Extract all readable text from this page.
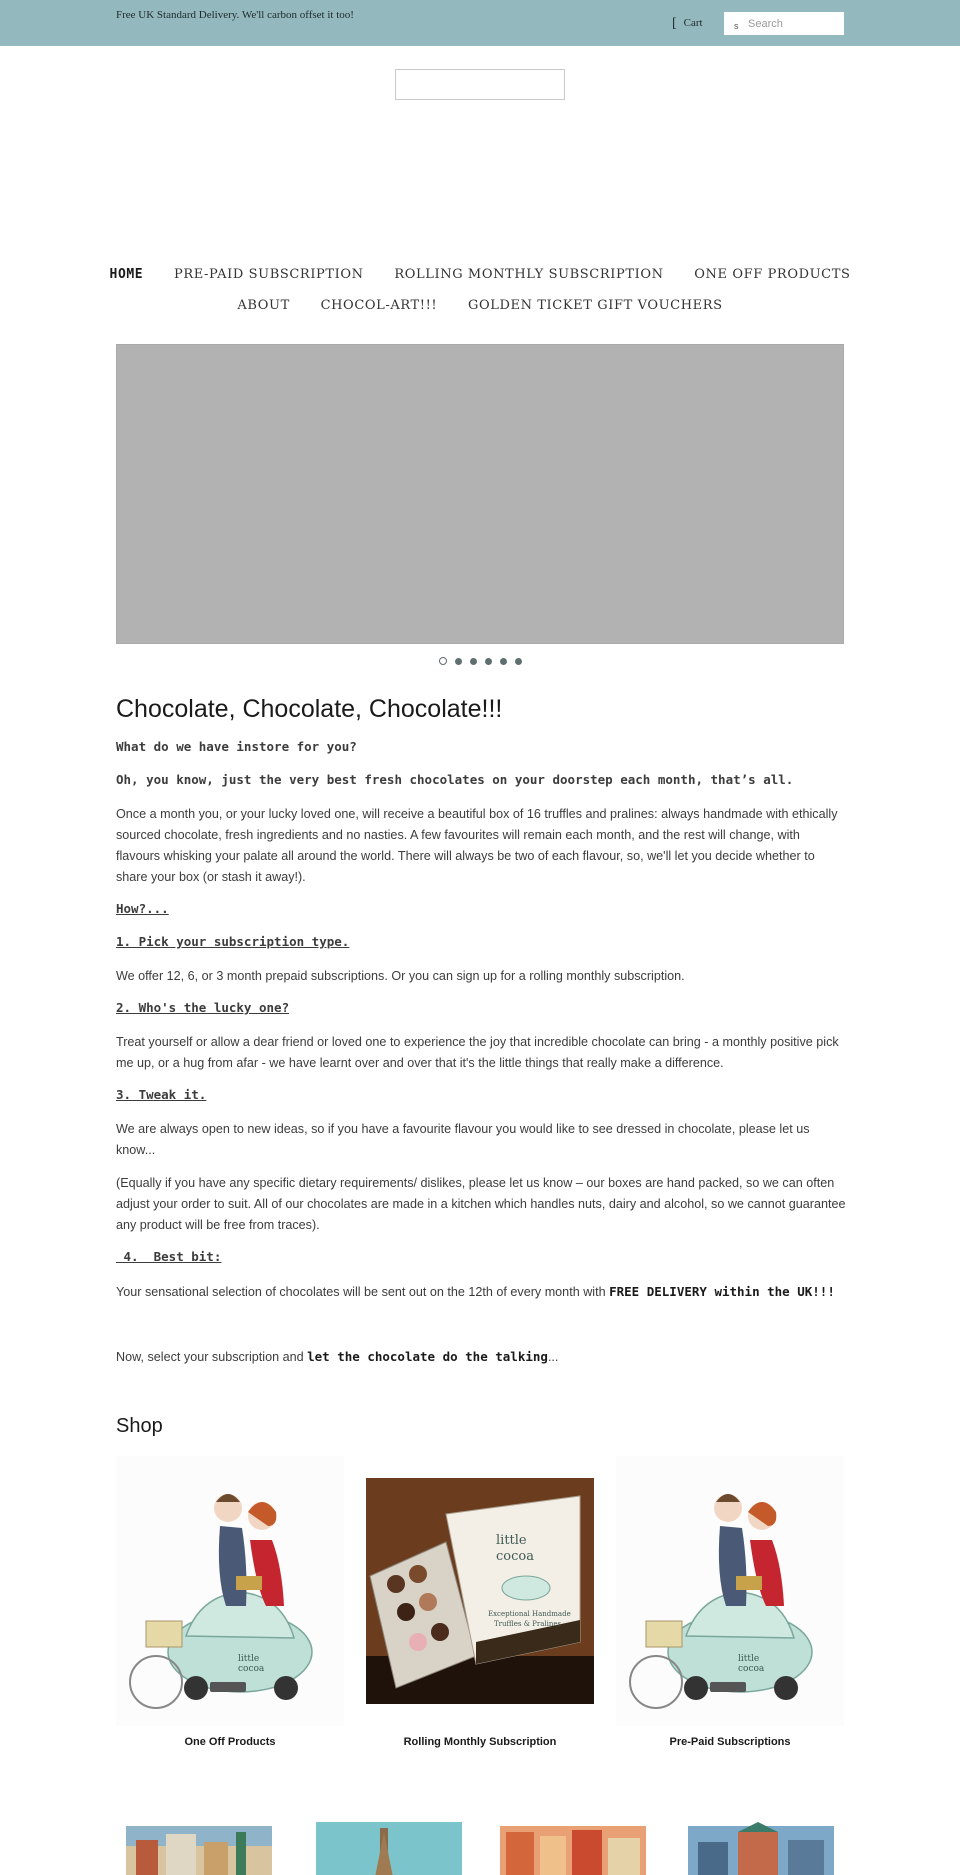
Free UK Standard Delivery. We'll carbon offset it too!
[ Cart	s
Search
HOME PRE-PAID SUBSCRIPTION ROLLING MONTHLY SUBSCRIPTION ONE OFF PRODUCTS
ABOUT CHOCOL-ART!!! GOLDEN TICKET GIFT VOUCHERS

Chocolate, Chocolate, Chocolate!!!

What do we have instore for you?

Oh, you know, just the very best fresh chocolates on your doorstep each month, that’s all.

Once a month you, or your lucky loved one, will receive a beautiful box of 16 truffles and pralines: always handmade with ethically sourced chocolate, fresh ingredients and no nasties. A few favourites will remain each month, and the rest will change, with flavours whisking your palate all around the world. There will always be two of each flavour, so, we'll let you decide whether to share your box (or stash it away!).

How?...

1. Pick your subscription type.

We offer 12, 6, or 3 month prepaid subscriptions. Or you can sign up for a rolling monthly subscription.

2. Who's the lucky one?

Treat yourself or allow a dear friend or loved one to experience the joy that incredible chocolate can bring - a monthly positive pick me up, or a hug from afar - we have learnt over and over that it's the little things that really make a difference.

3. Tweak it.

We are always open to new ideas, so if you have a favourite flavour you would like to see dressed in chocolate, please let us know...

(Equally if you have any specific dietary requirements/ dislikes, please let us know – our boxes are hand packed, so we can often adjust your order to suit. All of our chocolates are made in a kitchen which handles nuts, dairy and alcohol, so we cannot guarantee any product will be free from traces).

4.  Best bit:

Your sensational selection of chocolates will be sent out on the 12th of every month with FREE DELIVERY within the UK!!!

Now, select your subscription and let the chocolate do the talking...

Shop
little
cocoa
One Off Products
little
cocoa
Exceptional Handmade
Truffles & Pralines
Rolling Monthly Subscription
little
cocoa
Pre-Paid Subscriptions
